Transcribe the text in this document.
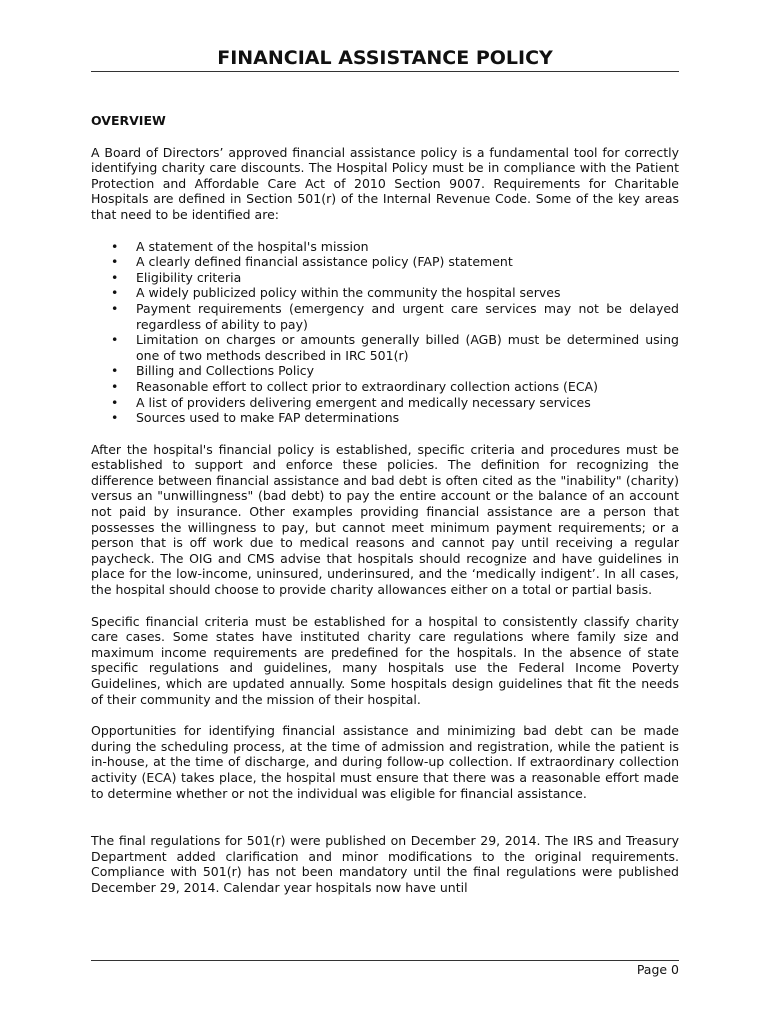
FINANCIAL ASSISTANCE POLICY
OVERVIEW

A Board of Directors’ approved financial assistance policy is a fundamental tool for correctly identifying charity care discounts. The Hospital Policy must be in compliance with the Patient Protection and Affordable Care Act of 2010 Section 9007. Requirements for Charitable Hospitals are defined in Section 501(r) of the Internal Revenue Code. Some of the key areas that need to be identified are:

• A statement of the hospital's mission
• A clearly defined financial assistance policy (FAP) statement
• Eligibility criteria
• A widely publicized policy within the community the hospital serves
• Payment requirements (emergency and urgent care services may not be delayed regardless of ability to pay)
• Limitation on charges or amounts generally billed (AGB) must be determined using one of two methods described in IRC 501(r)
• Billing and Collections Policy
• Reasonable effort to collect prior to extraordinary collection actions (ECA)
• A list of providers delivering emergent and medically necessary services
• Sources used to make FAP determinations

After the hospital's financial policy is established, specific criteria and procedures must be established to support and enforce these policies. The definition for recognizing the difference between financial assistance and bad debt is often cited as the "inability" (charity) versus an "unwillingness" (bad debt) to pay the entire account or the balance of an account not paid by insurance. Other examples providing financial assistance are a person that possesses the willingness to pay, but cannot meet minimum payment requirements; or a person that is off work due to medical reasons and cannot pay until receiving a regular paycheck. The OIG and CMS advise that hospitals should recognize and have guidelines in place for the low-income, uninsured, underinsured, and the ‘medically indigent’. In all cases, the hospital should choose to provide charity allowances either on a total or partial basis.

Specific financial criteria must be established for a hospital to consistently classify charity care cases. Some states have instituted charity care regulations where family size and maximum income requirements are predefined for the hospitals. In the absence of state specific regulations and guidelines, many hospitals use the Federal Income Poverty Guidelines, which are updated annually. Some hospitals design guidelines that fit the needs of their community and the mission of their hospital.

Opportunities for identifying financial assistance and minimizing bad debt can be made during the scheduling process, at the time of admission and registration, while the patient is in-house, at the time of discharge, and during follow-up collection. If extraordinary collection activity (ECA) takes place, the hospital must ensure that there was a reasonable effort made to determine whether or not the individual was eligible for financial assistance.

The final regulations for 501(r) were published on December 29, 2014. The IRS and Treasury Department added clarification and minor modifications to the original requirements. Compliance with 501(r) has not been mandatory until the final regulations were published December 29, 2014. Calendar year hospitals now have until

Page 0
